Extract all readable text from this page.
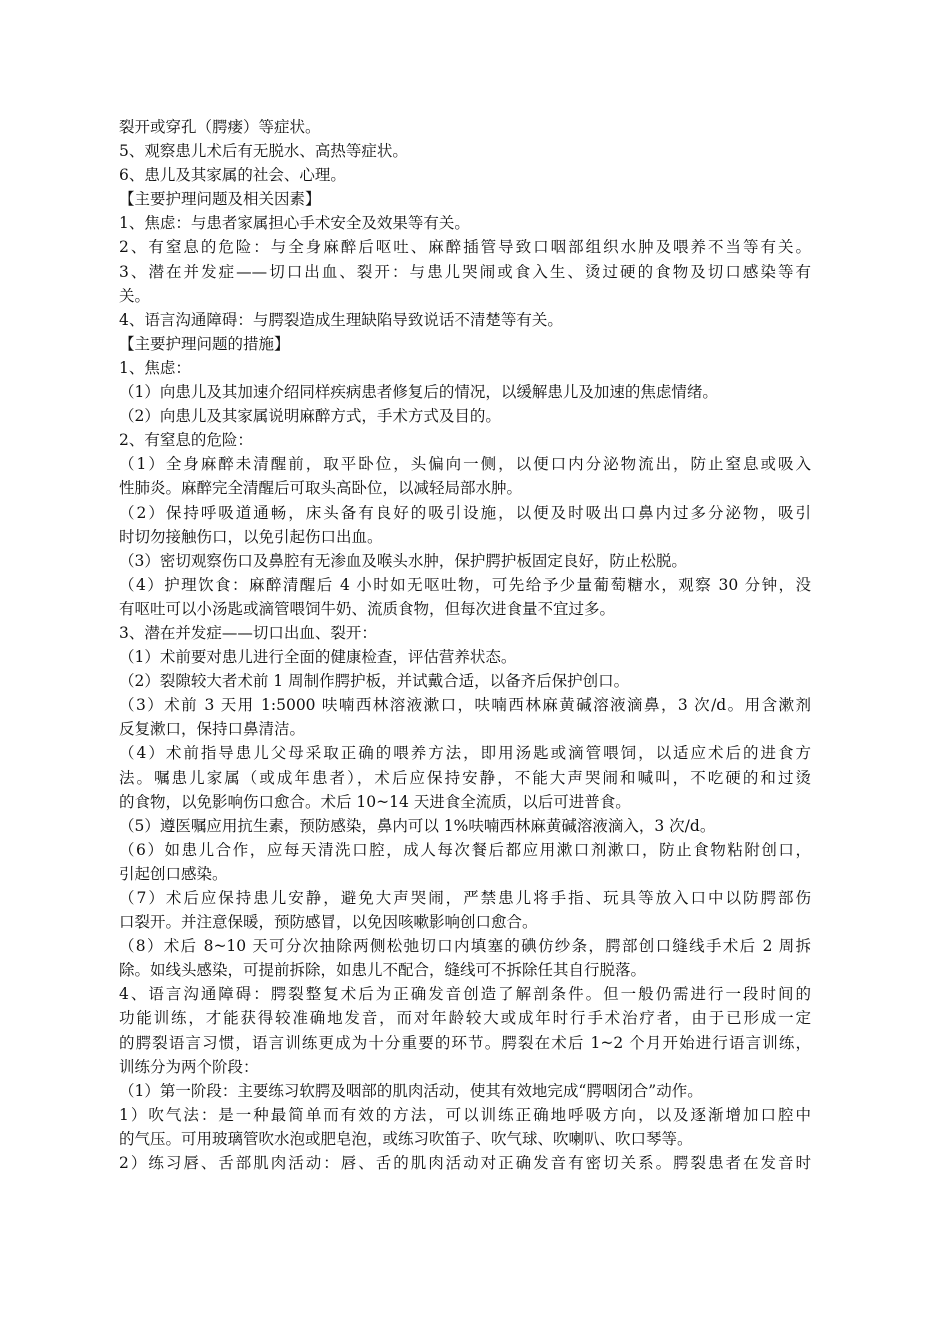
裂开或穿孔（腭瘘）等症状。
5、观察患儿术后有无脱水、高热等症状。
6、患儿及其家属的社会、心理。
【主要护理问题及相关因素】
1、焦虑：与患者家属担心手术安全及效果等有关。
2、有窒息的危险：与全身麻醉后呕吐、麻醉插管导致口咽部组织水肿及喂养不当等有关。
3、潜在并发症——切口出血、裂开：与患儿哭闹或食入生、烫过硬的食物及切口感染等有
关。
4、语言沟通障碍：与腭裂造成生理缺陷导致说话不清楚等有关。
【主要护理问题的措施】
1、焦虑：
（1）向患儿及其加速介绍同样疾病患者修复后的情况，以缓解患儿及加速的焦虑情绪。
（2）向患儿及其家属说明麻醉方式，手术方式及目的。
2、有窒息的危险：
（1）全身麻醉未清醒前，取平卧位，头偏向一侧，以便口内分泌物流出，防止窒息或吸入
性肺炎。麻醉完全清醒后可取头高卧位，以减轻局部水肿。
（2）保持呼吸道通畅，床头备有良好的吸引设施，以便及时吸出口鼻内过多分泌物，吸引
时切勿接触伤口，以免引起伤口出血。
（3）密切观察伤口及鼻腔有无渗血及喉头水肿，保护腭护板固定良好，防止松脱。
（4）护理饮食：麻醉清醒后 4 小时如无呕吐物，可先给予少量葡萄糖水，观察 30 分钟，没
有呕吐可以小汤匙或滴管喂饲牛奶、流质食物，但每次进食量不宜过多。
3、潜在并发症——切口出血、裂开：
（1）术前要对患儿进行全面的健康检查，评估营养状态。
（2）裂隙较大者术前 1 周制作腭护板，并试戴合适，以备齐后保护创口。
（3）术前 3 天用 1:5000 呋喃西林溶液漱口，呋喃西林麻黄碱溶液滴鼻，3 次/d。用含漱剂
反复漱口，保持口鼻清洁。
（4）术前指导患儿父母采取正确的喂养方法，即用汤匙或滴管喂饲，以适应术后的进食方
法。嘱患儿家属（或成年患者），术后应保持安静，不能大声哭闹和喊叫，不吃硬的和过烫
的食物，以免影响伤口愈合。术后 10~14 天进食全流质，以后可进普食。
（5）遵医嘱应用抗生素，预防感染，鼻内可以 1%呋喃西林麻黄碱溶液滴入，3 次/d。
（6）如患儿合作，应每天清洗口腔，成人每次餐后都应用漱口剂漱口，防止食物粘附创口，
引起创口感染。
（7）术后应保持患儿安静，避免大声哭闹，严禁患儿将手指、玩具等放入口中以防腭部伤
口裂开。并注意保暖，预防感冒，以免因咳嗽影响创口愈合。
（8）术后 8~10 天可分次抽除两侧松弛切口内填塞的碘仿纱条，腭部创口缝线手术后 2 周拆
除。如线头感染，可提前拆除，如患儿不配合，缝线可不拆除任其自行脱落。
4、语言沟通障碍：腭裂整复术后为正确发音创造了解剖条件。但一般仍需进行一段时间的
功能训练，才能获得较准确地发音，而对年龄较大或成年时行手术治疗者，由于已形成一定
的腭裂语言习惯，语言训练更成为十分重要的环节。腭裂在术后 1~2 个月开始进行语言训练，
训练分为两个阶段：
（1）第一阶段：主要练习软腭及咽部的肌肉活动，使其有效地完成“腭咽闭合”动作。
1）吹气法：是一种最简单而有效的方法，可以训练正确地呼吸方向，以及逐渐增加口腔中
的气压。可用玻璃管吹水泡或肥皂泡，或练习吹笛子、吹气球、吹喇叭、吹口琴等。
2）练习唇、舌部肌肉活动：唇、舌的肌肉活动对正确发音有密切关系。腭裂患者在发音时
